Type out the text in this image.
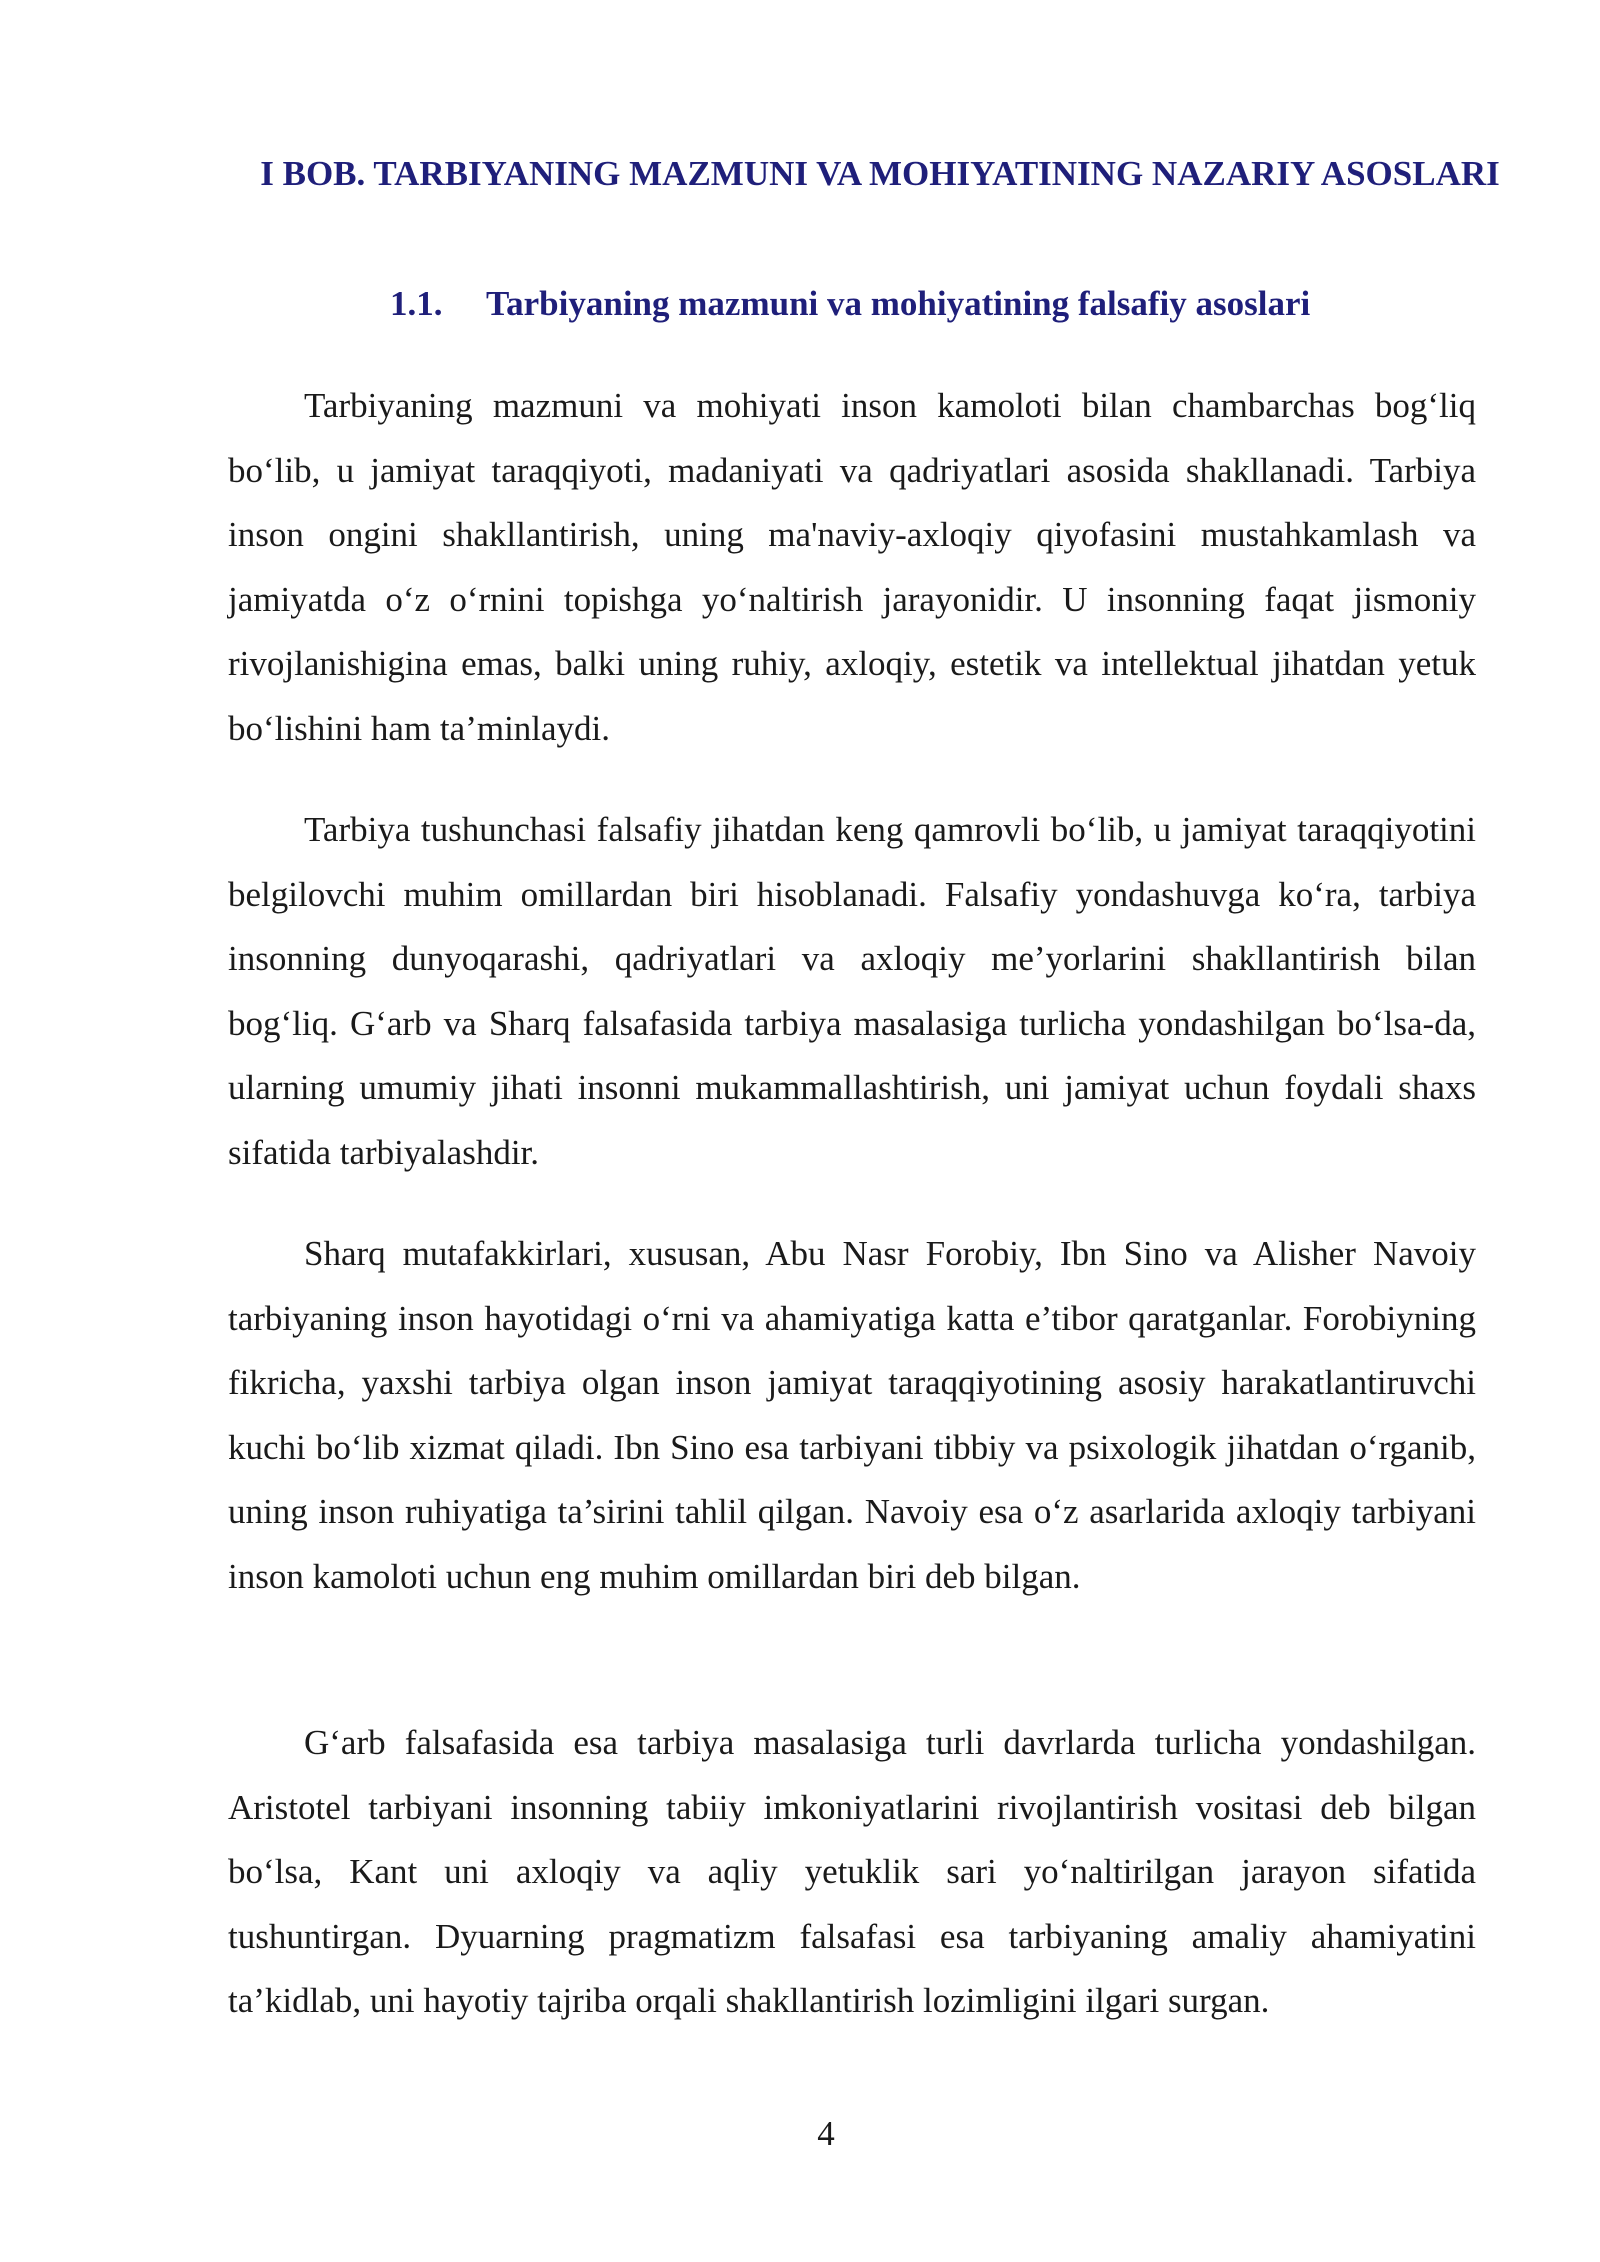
I BOB. TARBIYANING MAZMUNI VA MOHIYATINING NAZARIY ASOSLARI
1.1. Tarbiyaning mazmuni va mohiyatining falsafiy asoslari

Tarbiyaning mazmuni va mohiyati inson kamoloti bilan chambarchas bog‘liq bo‘lib, u jamiyat taraqqiyoti, madaniyati va qadriyatlari asosida shakllanadi. Tarbiya inson ongini shakllantirish, uning ma'naviy-axloqiy qiyofasini mustahkamlash va jamiyatda o‘z o‘rnini topishga yo‘naltirish jarayonidir. U insonning faqat jismoniy rivojlanishigina emas, balki uning ruhiy, axloqiy, estetik va intellektual jihatdan yetuk bo‘lishini ham ta’minlaydi.

Tarbiya tushunchasi falsafiy jihatdan keng qamrovli bo‘lib, u jamiyat taraqqiyotini belgilovchi muhim omillardan biri hisoblanadi. Falsafiy yondashuvga ko‘ra, tarbiya insonning dunyoqarashi, qadriyatlari va axloqiy me’yorlarini shakllantirish bilan bog‘liq. G‘arb va Sharq falsafasida tarbiya masalasiga turlicha yondashilgan bo‘lsa-da, ularning umumiy jihati insonni mukammallashtirish, uni jamiyat uchun foydali shaxs sifatida tarbiyalashdir.

Sharq mutafakkirlari, xususan, Abu Nasr Forobiy, Ibn Sino va Alisher Navoiy tarbiyaning inson hayotidagi o‘rni va ahamiyatiga katta e’tibor qaratganlar. Forobiyning fikricha, yaxshi tarbiya olgan inson jamiyat taraqqiyotining asosiy harakatlantiruvchi kuchi bo‘lib xizmat qiladi. Ibn Sino esa tarbiyani tibbiy va psixologik jihatdan o‘rganib, uning inson ruhiyatiga ta’sirini tahlil qilgan. Navoiy esa o‘z asarlarida axloqiy tarbiyani inson kamoloti uchun eng muhim omillardan biri deb bilgan.

G‘arb falsafasida esa tarbiya masalasiga turli davrlarda turlicha yondashilgan. Aristotel tarbiyani insonning tabiiy imkoniyatlarini rivojlantirish vositasi deb bilgan bo‘lsa, Kant uni axloqiy va aqliy yetuklik sari yo‘naltirilgan jarayon sifatida tushuntirgan. Dyuarning pragmatizm falsafasi esa tarbiyaning amaliy ahamiyatini ta’kidlab, uni hayotiy tajriba orqali shakllantirish lozimligini ilgari surgan.

4
